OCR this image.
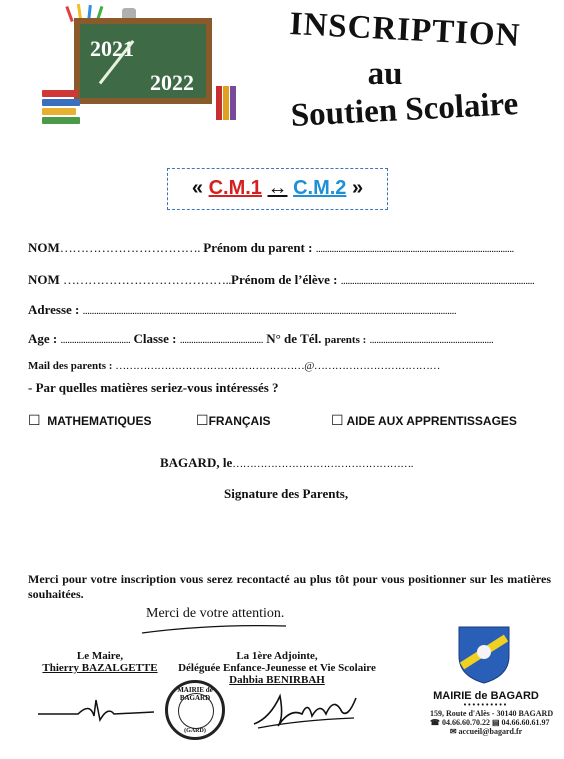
2021
2022
INSCRIPTION
au
Soutien Scolaire
« C.M.1 ↔ C.M.2 »
NOM……………………………. Prénom du parent : ........................................................................................
NOM …………………………………..Prénom de l’élève : ......................................................................................
Adresse : ......................................................................................................................................................................
Age : ............................... Classe : ..................................... N° de Tél. parents : .......................................................
Mail des parents : ………………………………………………@………………………………
- Par quelles matières seriez-vous intéressés ?
☐ MATHEMATIQUES	☐FRANÇAIS	☐ AIDE AUX APPRENTISSAGES
BAGARD, le…………………………………………….
Signature des Parents,
Merci pour votre inscription vous serez recontacté au plus tôt pour vous positionner sur les matières souhaitées.
Merci de votre attention.
Le Maire,
Thierry BAZALGETTE
La 1ère Adjointe,
Déléguée Enfance-Jeunesse et Vie Scolaire
Dahbia BENIRBAH
MAIRIE de BAGARD
(GARD)
MAIRIE de BAGARD
••••••••••
159, Route d'Alès - 30140 BAGARD
☎ 04.66.60.70.22 ▤ 04.66.60.61.97
✉ accueil@bagard.fr
